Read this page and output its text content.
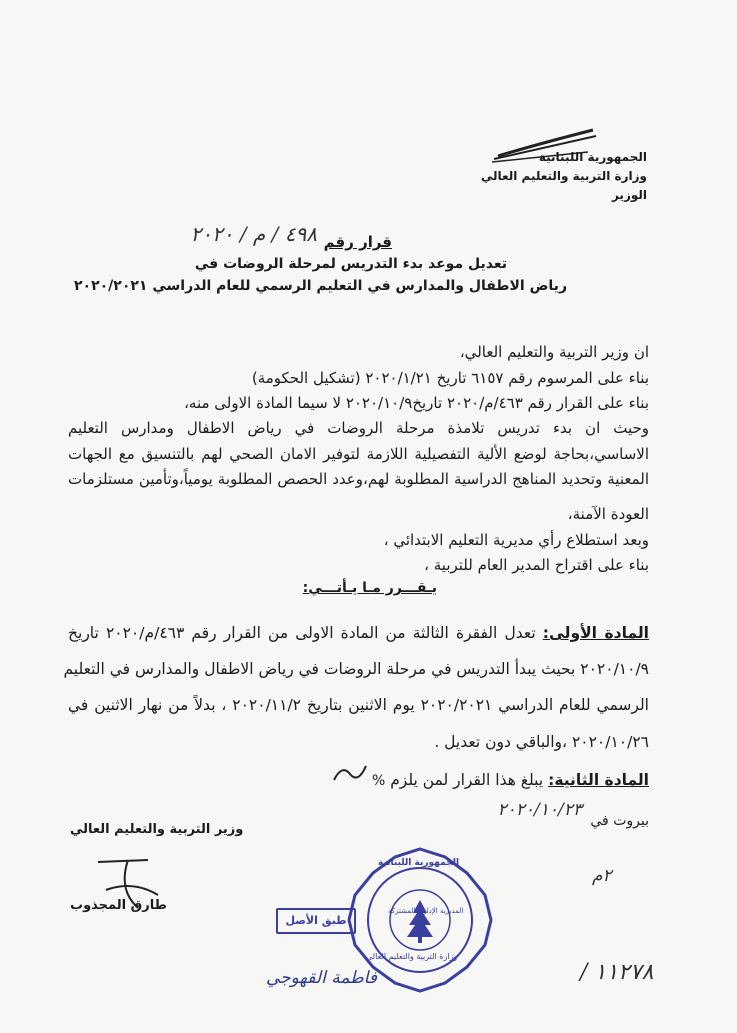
الجمهورية اللبنانية
وزارة التربية والتعليم العالي
الوزير
قرار رقم
٤٩٨ / م / ٢٠٢٠
تعديل موعد بدء التدريس لمرحلة الروضات في
رياض الاطفال والمدارس في التعليم الرسمي للعام الدراسي ٢٠٢٠/٢٠٢١
ان وزير التربية والتعليم العالي،
بناء على المرسوم رقم ٦١٥٧ تاريخ ٢٠٢٠/١/٢١ (تشكيل الحكومة)
بناء على القرار رقم ٤٦٣/م/٢٠٢٠ تاريخ٢٠٢٠/١٠/٩ لا سيما المادة الاولى منه،
وحيث ان بدء تدريس تلامذة مرحلة الروضات في رياض الاطفال ومدارس التعليم
الاساسي،بحاجة لوضع الألية التفصيلية اللازمة لتوفير الامان الصحي لهم بالتنسيق مع الجهات
المعنية وتحديد المناهج الدراسية المطلوبة لهم،وعدد الحصص المطلوبة يومياً،وتأمين مستلزمات
العودة الآمنة،
وبعد استطلاع رأي مديرية التعليم الابتدائي ،
بناء على اقتراح المدير العام للتربية ،
يـقـــرر مـا يـأتـــي:
المادة الأولى: تعدل الفقرة الثالثة من المادة الاولى من القرار رقم ٤٦٣/م/٢٠٢٠ تاريخ
٢٠٢٠/١٠/٩ بحيث يبدأ التدريس في مرحلة الروضات في رياض الاطفال والمدارس في التعليم
الرسمي للعام الدراسي ٢٠٢٠/٢٠٢١ يوم الاثنين بتاريخ ٢٠٢٠/١١/٢ ، بدلاً من نهار الاثنين في
٢٠٢٠/١٠/٢٦ ،والباقي دون تعديل .
المادة الثانية: يبلغ هذا القرار لمن يلزم %
بيروت في
٢٠٢٠/١٠/٢٣
وزير التربية والتعليم العالي
طارق المجذوب
الجمهورية اللبنانية
المديرية الإدارية المشتركة
وزارة التربية والتعليم العالي
طبق الأصل
فاطمة القهوجي
٢م
١١٢٧٨ /
